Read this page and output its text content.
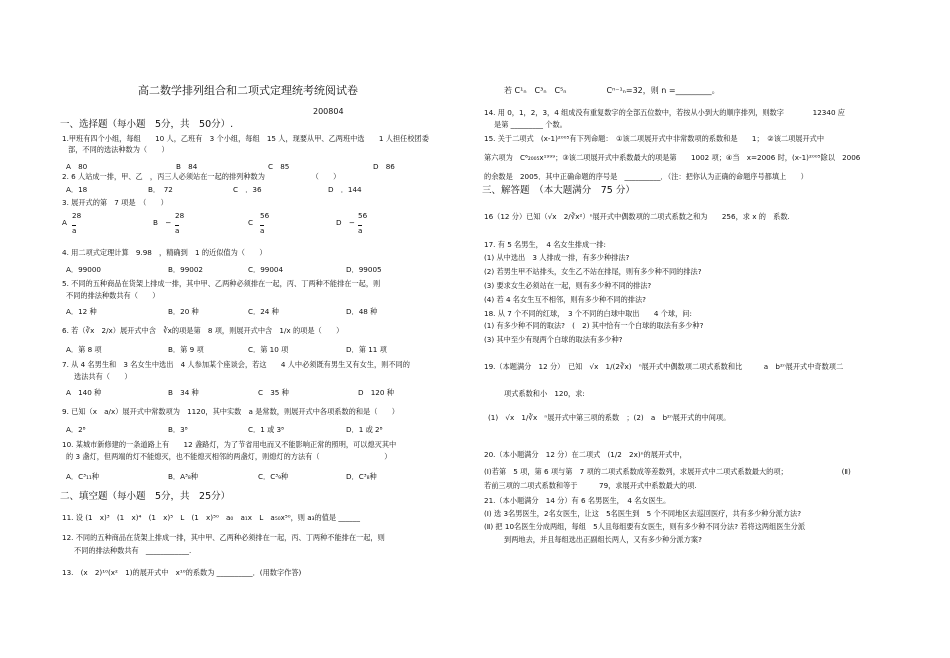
高二数学排列组合和二项式定理统考统阅试卷
200804
一、选择题（每小题　5分，共　50分）.
1.甲班有四个小组，每组　　10 人，乙班有　3 个小组，每组　15 人，现要从甲、乙两班中选　　1 人担任校团委
部，不同的选法种数为（　　）
A　80	B　84	C　85	D　86
2. 6 人站成一排，甲、乙　，丙三人必须站在一起的排列种数为　　　　　　　（　　）
A．18	B．　72	C　．36	D　．144
3. 展开式的第　7 项是　（　　）
A
28
a
B　−
28
a
C
56
a
D　−
56
a
4. 用二项式定理计算　9.98　，精确到　1 的近似值为（　　）
A．99000	B．99002	C．99004	D．99005
5. 不同的五种商品在货架上排成一排，其中甲、乙两种必须排在一起，丙、丁两种不能排在一起，则
不同的排法种数共有（　　）
A．12 种	B．20 种	C．24 种	D．48 种
6. 若（∛x　2/x）展开式中含　∛x的项是第　8 项，则展开式中含　1/x 的项是（　　）
A．第 8 项	B．第 9 项	C．第 10 项	D．第 11 项
7. 从 4 名男生和　3 名女生中选出　4 人参加某个座谈会，若这　　4 人中必须既有男生又有女生，则不同的
选法共有（　　）
A　140 种	B　34 种	C　35 种	D　120 种
9. 已知（x　a/x）展开式中常数项为　1120，其中实数　a 是常数，则展开式中各项系数的和是（　　）
A．2⁸	B．3⁸	C．1 或 3⁸	D．1 或 2⁸
10. 某城市新修建的一条道路上有　　12 盏路灯，为了节省用电而又不能影响正常的照明，可以熄灭其中
的 3 盏灯，但两端的灯不能熄灭，也不能熄灭相邻的两盏灯，则熄灯的方法有（　　　　　　　　　）
A．C³₁₁种	B．A³₈种	C．C³₉种	D．C³₈种
二、填空题（每小题　5分，共　25分）
11. 设 (1　x)³　(1　x)⁴　(1　x)⁵　L　(1　x)⁵⁰　a₀　a₁x　L　a₅₀x⁵⁰，则 a₃的值是 ______
12. 不同的五种商品在货架上排成一排，其中甲、乙两种必须排在一起，丙、丁两种不能排在一起，则
不同的排法种数共有　____________.
13.　(x　2)¹⁰(x²　1)的展开式中　x¹⁰的系数为 __________．(用数字作答)
若 C¹ₙ　C³ₙ　C⁵ₙ　　　　　Cⁿ⁻¹ₙ=32，则 n =_________。
14. 用 0，1，2，3，4 组成没有重复数字的全部五位数中，若按从小到大的顺序排列，则数字　　　　12340 应
是第 _________ 个数。
15. 关于二项式　(x-1)²⁰⁰⁵有下列命题：　①该二项展开式中非常数项的系数和是　　1；　②该二项展开式中
第六项为　C⁶₂₀₀₅x¹⁹⁹⁹；③该二项展开式中系数最大的项是第　　1002 项；④当　x=2006 时，(x-1)²⁰⁰⁵除以　2006
的余数是　2005．其中正确命题的序号是　__________．（注：把你认为正确的命题序号都填上　　）
三、解答题　（本大题满分　75 分）
16（12 分）已知（√x　2/∛x²）ⁿ展开式中偶数项的二项式系数之和为　　256，求 x 的　系数.
17. 有 5 名男生，　4 名女生排成一排:
(1) 从中选出　3 人排成一排，有多少种排法?
(2) 若男生甲不站排头，女生乙不站在排尾，则有多少种不同的排法?
(3) 要求女生必须站在一起，则有多少种不同的排法?
(4) 若 4 名女生互不相邻，则有多少种不同的排法?
18. 从 7 个不同的红球，　3 个不同的白球中取出　　4 个球，问:
(1) 有多少种不同的取法?　(　2) 其中恰有一个白球的取法有多少种?
(3) 其中至少有现两个白球的取法有多少种?
19.（本题满分　12 分）　已知　√x　1/(2∛x)　ⁿ展开式中偶数项二项式系数和比　　　a　b²ⁿ展开式中奇数项二
项式系数和小　120，求:
(1)　√x　1/∛x　ⁿ展开式中第三项的系数　；(2)　a　b²ⁿ展开式的中间项。
20.（本小题满分　12 分）在二项式　(1/2　2x)ⁿ的展开式中，
(Ⅰ)若第　5 项，第 6 项与第　7 项的二项式系数成等差数列，求展开式中二项式系数最大的项；　　　　　　　　(Ⅱ)
若前三项的二项式系数和等于　　　79，求展开式中系数最大的项.
21.（本小题满分　14 分）有 6 名男医生，　4 名女医生。
(Ⅰ) 选 3名男医生，2名女医生，让这　5名医生到　5 个不同地区去巡回医疗，共有多少种分派方法?
(Ⅱ) 把 10名医生分成两组，每组　5人且每组要有女医生，则有多少种不同分法? 若将这两组医生分派
到两地去，并且每组选出正副组长两人，又有多少种分派方案?
